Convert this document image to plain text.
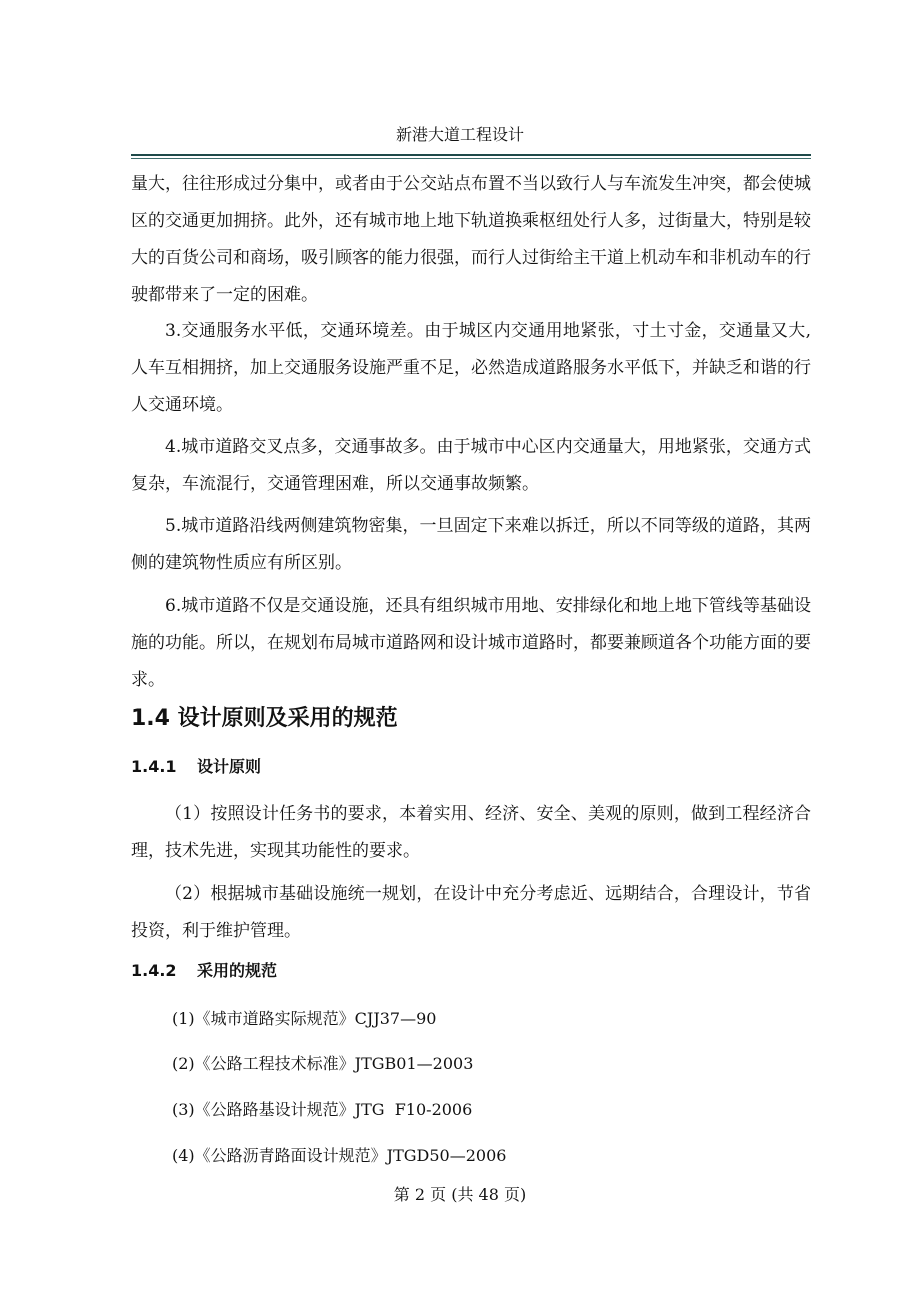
新港大道工程设计

量大，往往形成过分集中，或者由于公交站点布置不当以致行人与车流发生冲突，都会使城区的交通更加拥挤。此外，还有城市地上地下轨道换乘枢纽处行人多，过街量大，特别是较大的百货公司和商场，吸引顾客的能力很强，而行人过街给主干道上机动车和非机动车的行驶都带来了一定的困难。

3.交通服务水平低，交通环境差。由于城区内交通用地紧张，寸土寸金，交通量又大,人车互相拥挤，加上交通服务设施严重不足，必然造成道路服务水平低下，并缺乏和谐的行人交通环境。

4.城市道路交叉点多，交通事故多。由于城市中心区内交通量大，用地紧张，交通方式复杂，车流混行，交通管理困难，所以交通事故频繁。

5.城市道路沿线两侧建筑物密集，一旦固定下来难以拆迁，所以不同等级的道路，其两侧的建筑物性质应有所区别。

6.城市道路不仅是交通设施，还具有组织城市用地、安排绿化和地上地下管线等基础设施的功能。所以，在规划布局城市道路网和设计城市道路时，都要兼顾道各个功能方面的要求。

1.4 设计原则及采用的规范
1.4.1 设计原则

（1）按照设计任务书的要求，本着实用、经济、安全、美观的原则，做到工程经济合理，技术先进，实现其功能性的要求。

（2）根据城市基础设施统一规划，在设计中充分考虑近、远期结合，合理设计，节省投资，利于维护管理。

1.4.2 采用的规范

(1)《城市道路实际规范》CJJ37—90

(2)《公路工程技术标准》JTGB01—2003

(3)《公路路基设计规范》JTG  F10-2006

(4)《公路沥青路面设计规范》JTGD50—2006

第 2 页 (共 48 页)
